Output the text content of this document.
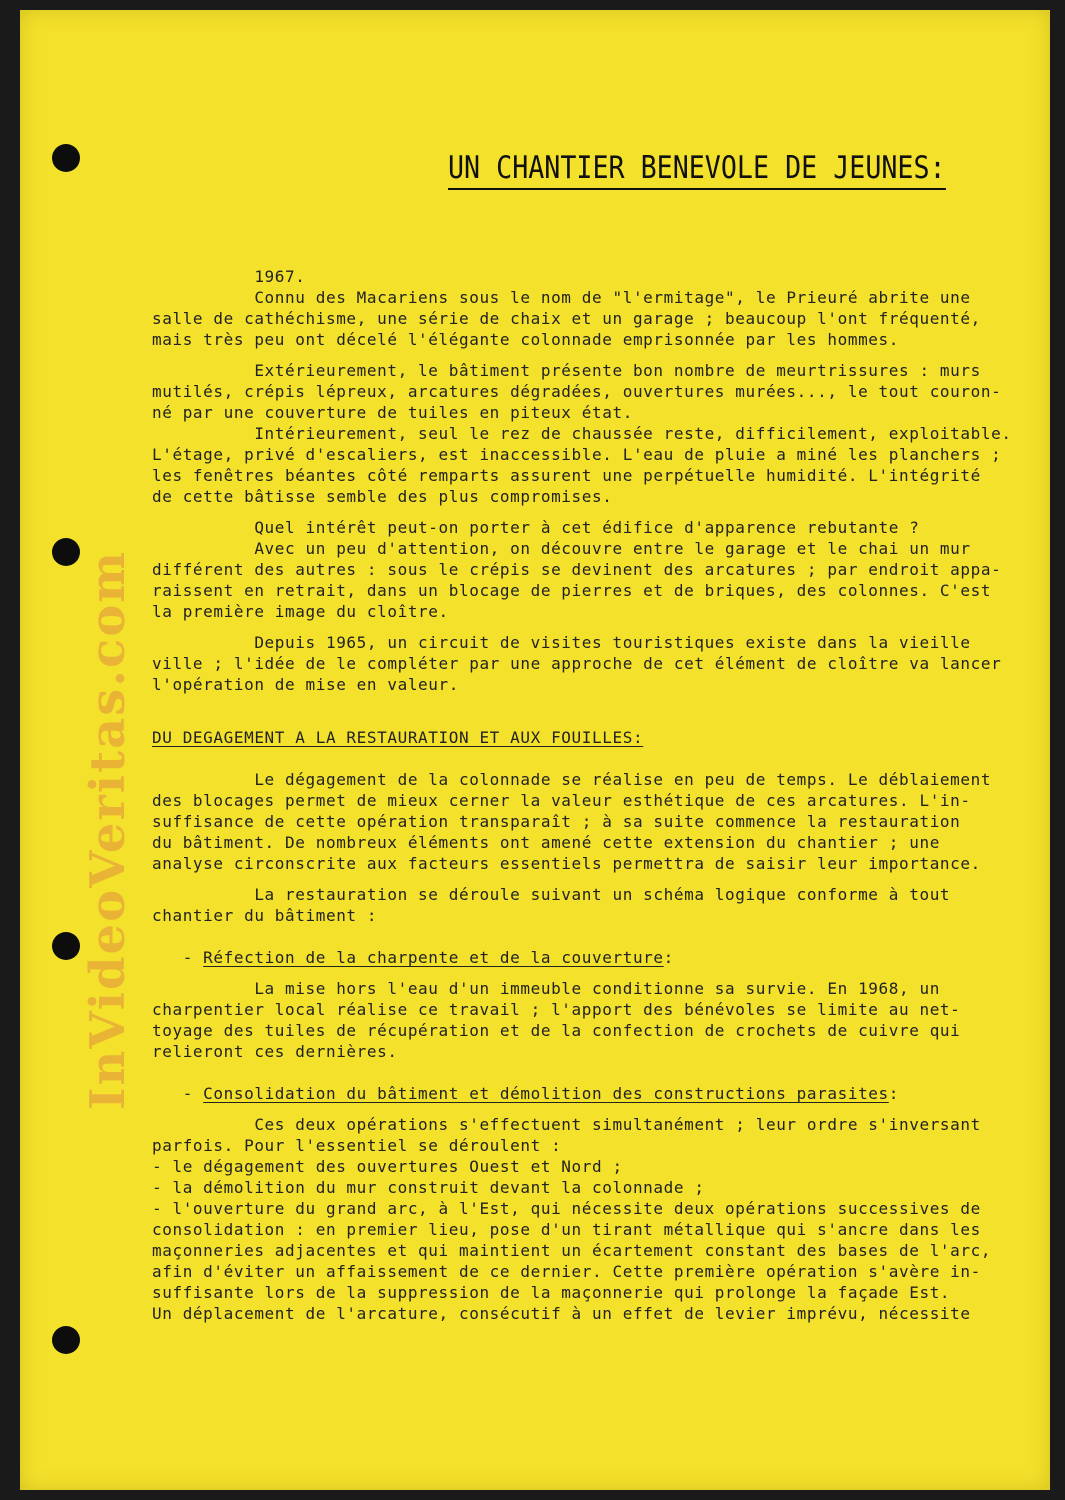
InVideoVeritas.com
UN CHANTIER BENEVOLE DE JEUNES:
1967.
Connu des Macariens sous le nom de "l'ermitage", le Prieuré abrite une
salle de cathéchisme, une série de chaix et un garage ; beaucoup l'ont fréquenté,
mais très peu ont décelé l'élégante colonnade emprisonnée par les hommes.
Extérieurement, le bâtiment présente bon nombre de meurtrissures : murs
mutilés, crépis lépreux, arcatures dégradées, ouvertures murées..., le tout couron-
né par une couverture de tuiles en piteux état.
Intérieurement, seul le rez de chaussée reste, difficilement, exploitable.
L'étage, privé d'escaliers, est inaccessible. L'eau de pluie a miné les planchers ;
les fenêtres béantes côté remparts assurent une perpétuelle humidité. L'intégrité
de cette bâtisse semble des plus compromises.
Quel intérêt peut-on porter à cet édifice d'apparence rebutante ?
Avec un peu d'attention, on découvre entre le garage et le chai un mur
différent des autres : sous le crépis se devinent des arcatures ; par endroit appa-
raissent en retrait, dans un blocage de pierres et de briques, des colonnes. C'est
la première image du cloître.
Depuis 1965, un circuit de visites touristiques existe dans la vieille
ville ; l'idée de le compléter par une approche de cet élément de cloître va lancer
l'opération de mise en valeur.
DU DEGAGEMENT A LA RESTAURATION ET AUX FOUILLES:
Le dégagement de la colonnade se réalise en peu de temps. Le déblaiement
des blocages permet de mieux cerner la valeur esthétique de ces arcatures. L'in-
suffisance de cette opération transparaît ; à sa suite commence la restauration
du bâtiment. De nombreux éléments ont amené cette extension du chantier ; une
analyse circonscrite aux facteurs essentiels permettra de saisir leur importance.
La restauration se déroule suivant un schéma logique conforme à tout
chantier du bâtiment :
- Réfection de la charpente et de la couverture:
La mise hors l'eau d'un immeuble conditionne sa survie. En 1968, un
charpentier local réalise ce travail ; l'apport des bénévoles se limite au net-
toyage des tuiles de récupération et de la confection de crochets de cuivre qui
relieront ces dernières.
- Consolidation du bâtiment et démolition des constructions parasites:
Ces deux opérations s'effectuent simultanément ; leur ordre s'inversant
parfois. Pour l'essentiel se déroulent :
- le dégagement des ouvertures Ouest et Nord ;
- la démolition du mur construit devant la colonnade ;
- l'ouverture du grand arc, à l'Est, qui nécessite deux opérations successives de
consolidation : en premier lieu, pose d'un tirant métallique qui s'ancre dans les
maçonneries adjacentes et qui maintient un écartement constant des bases de l'arc,
afin d'éviter un affaissement de ce dernier. Cette première opération s'avère in-
suffisante lors de la suppression de la maçonnerie qui prolonge la façade Est.
Un déplacement de l'arcature, consécutif à un effet de levier imprévu, nécessite
